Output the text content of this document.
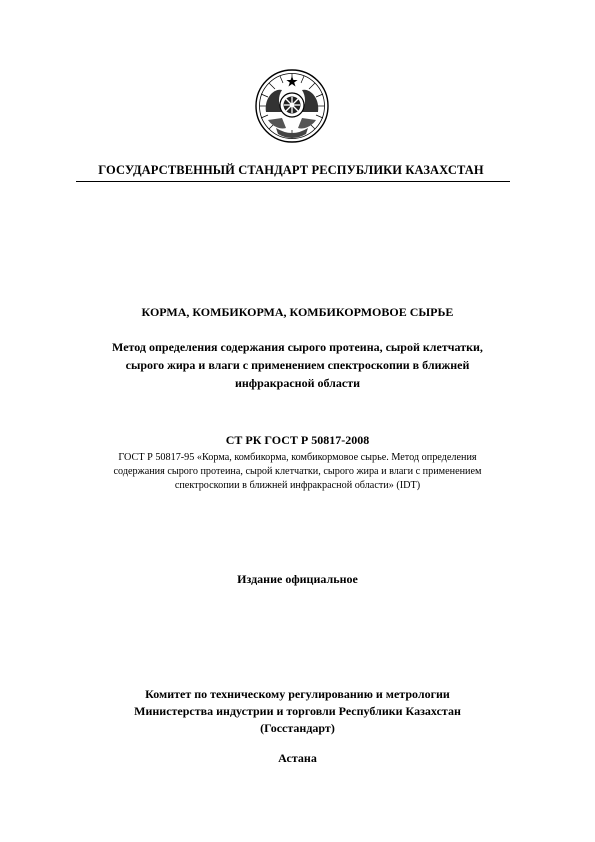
ГОСУДАРСТВЕННЫЙ СТАНДАРТ РЕСПУБЛИКИ КАЗАХСТАН
КОРМА, КОМБИКОРМА, КОМБИКОРМОВОЕ СЫРЬЕ
Метод определения содержания сырого протеина, сырой клетчатки,
сырого жира и влаги с применением спектроскопии в ближней
инфракрасной области
СТ РК ГОСТ Р 50817-2008
ГОСТ Р 50817-95 «Корма, комбикорма, комбикормовое сырье. Метод определения
содержания сырого протеина, сырой клетчатки, сырого жира и влаги с применением
спектроскопии в ближней инфракрасной области» (IDT)
Издание официальное
Комитет по техническому регулированию и метрологии
Министерства индустрии и торговли Республики Казахстан
(Госстандарт)
Астана
